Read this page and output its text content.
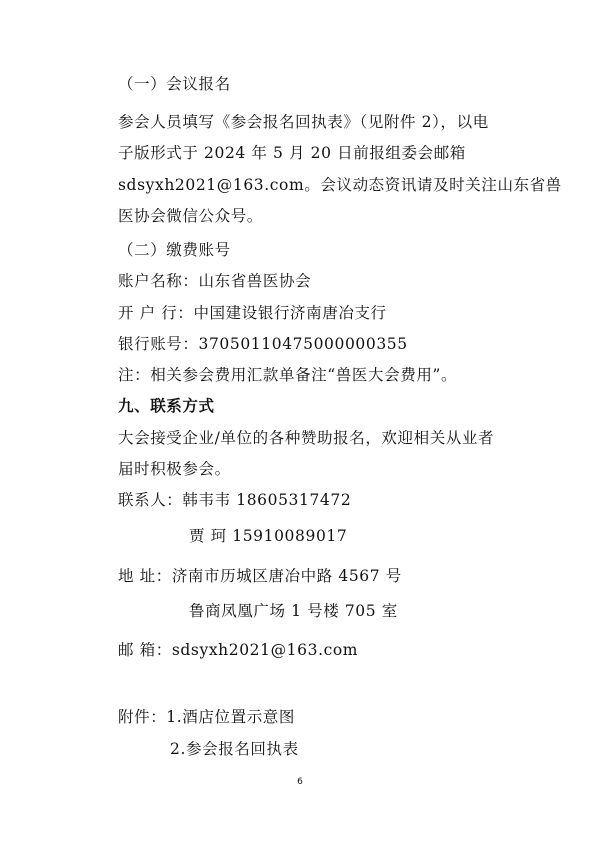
（一）会议报名
参会人员填写《参会报名回执表》（见附件 2），以电
子版形式于 2024 年 5 月 20 日前报组委会邮箱
sdsyxh2021@163.com。会议动态资讯请及时关注山东省兽
医协会微信公众号。
（二）缴费账号
账户名称：山东省兽医协会
开 户 行：中国建设银行济南唐冶支行
银行账号：37050110475000000355
注：相关参会费用汇款单备注“兽医大会费用”。
九、联系方式
大会接受企业/单位的各种赞助报名，欢迎相关从业者
届时积极参会。
联系人：韩韦韦 18605317472
贾 珂 15910089017
地 址：济南市历城区唐冶中路 4567 号
鲁商凤凰广场 1 号楼 705 室
邮 箱：sdsyxh2021@163.com
附件：1.酒店位置示意图
2.参会报名回执表
6
